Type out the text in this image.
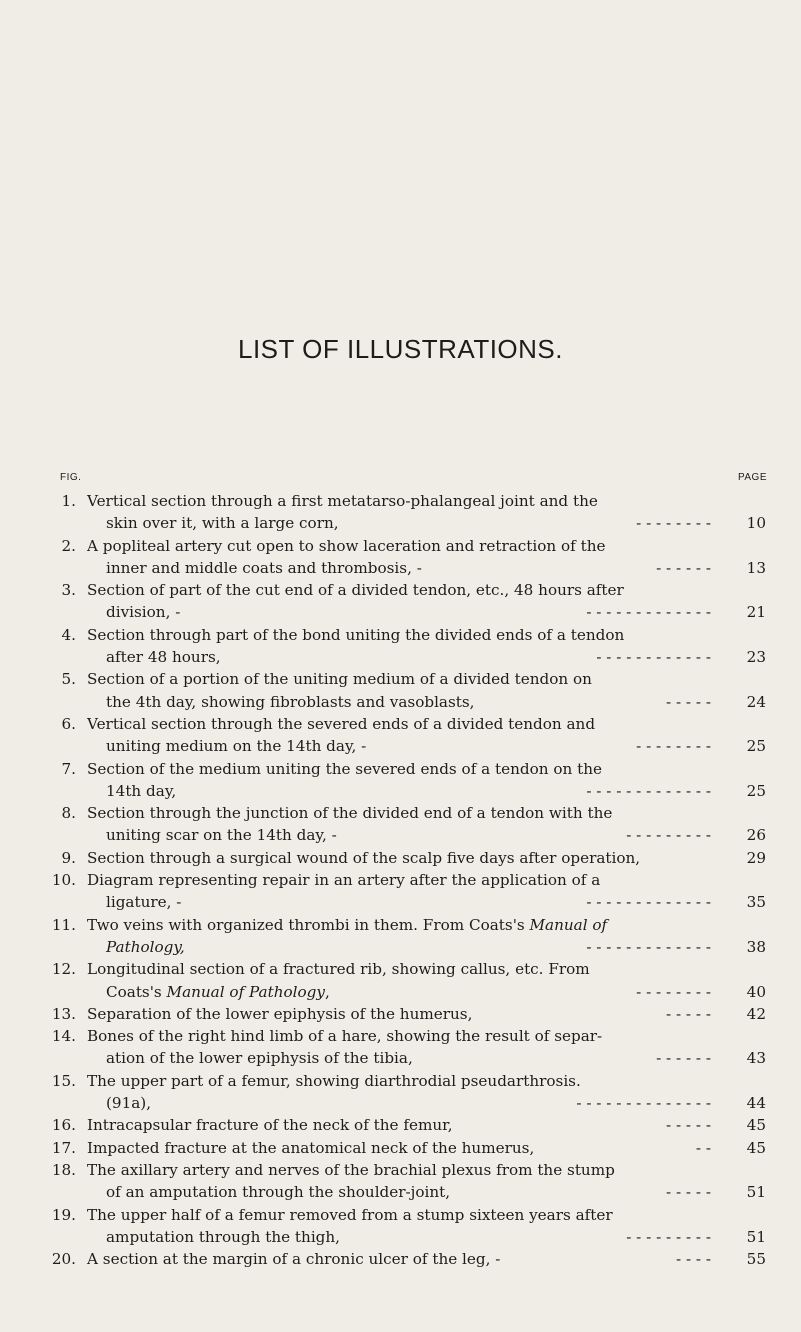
LIST OF ILLUSTRATIONS.
FIG.	PAGE
1. Vertical section through a first metatarso-phalangeal joint and the
skin over it, with a large corn,	- - - - - - - - 10
2. A popliteal artery cut open to show laceration and retraction of the
inner and middle coats and thrombosis, -	- - - - - - 13
3. Section of part of the cut end of a divided tendon, etc., 48 hours after
division, -	- - - - - - - - - - - - - 21
4. Section through part of the bond uniting the divided ends of a tendon
after 48 hours,	- - - - - - - - - - - - 23
5. Section of a portion of the uniting medium of a divided tendon on
the 4th day, showing fibroblasts and vasoblasts,	- - - - - 24
6. Vertical section through the severed ends of a divided tendon and
uniting medium on the 14th day, -	- - - - - - - - 25
7. Section of the medium uniting the severed ends of a tendon on the
14th day,	- - - - - - - - - - - - - 25
8. Section through the junction of the divided end of a tendon with the
uniting scar on the 14th day, -	- - - - - - - - - 26
9. Section through a surgical wound of the scalp five days after operation,	29
10. Diagram representing repair in an artery after the application of a
ligature, -	- - - - - - - - - - - - - 35
11. Two veins with organized thrombi in them. From Coats's Manual of
Pathology,	- - - - - - - - - - - - - 38
12. Longitudinal section of a fractured rib, showing callus, etc. From
Coats's Manual of Pathology,	- - - - - - - - 40
13. Separation of the lower epiphysis of the humerus,	- - - - - 42
14. Bones of the right hind limb of a hare, showing the result of separ-
ation of the lower epiphysis of the tibia,	- - - - - - 43
15. The upper part of a femur, showing diarthrodial pseudarthrosis.
(91a),	- - - - - - - - - - - - - - 44
16. Intracapsular fracture of the neck of the femur,	- - - - - 45
17. Impacted fracture at the anatomical neck of the humerus,	- - 45
18. The axillary artery and nerves of the brachial plexus from the stump
of an amputation through the shoulder-joint,	- - - - - 51
19. The upper half of a femur removed from a stump sixteen years after
amputation through the thigh,	- - - - - - - - - 51
20. A section at the margin of a chronic ulcer of the leg, -	- - - - 55
